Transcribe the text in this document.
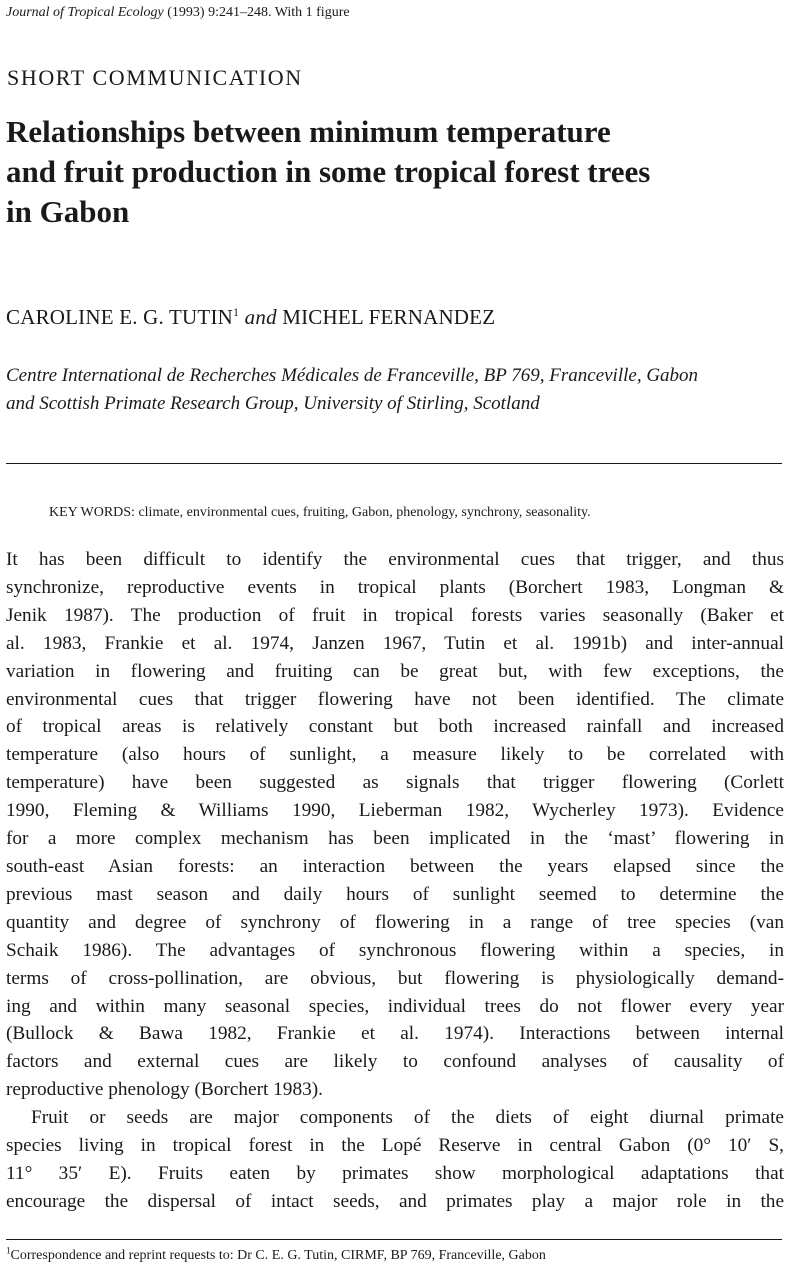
Journal of Tropical Ecology (1993) 9:241–248. With 1 figure
SHORT COMMUNICATION
Relationships between minimum temperature
and fruit production in some tropical forest trees
in Gabon
CAROLINE E. G. TUTIN$^1$ and MICHEL FERNANDEZ
Centre International de Recherches Médicales de Franceville, BP 769, Franceville, Gabon
and Scottish Primate Research Group, University of Stirling, Scotland
KEY WORDS: climate, environmental cues, fruiting, Gabon, phenology, synchrony, seasonality.

It has been difficult to identify the environmental cues that trigger, and thus
synchronize, reproductive events in tropical plants (Borchert 1983, Longman &
Jenik 1987). The production of fruit in tropical forests varies seasonally (Baker et
al. 1983, Frankie et al. 1974, Janzen 1967, Tutin et al. 1991b) and inter-annual
variation in flowering and fruiting can be great but, with few exceptions, the
environmental cues that trigger flowering have not been identified. The climate
of tropical areas is relatively constant but both increased rainfall and increased
temperature (also hours of sunlight, a measure likely to be correlated with
temperature) have been suggested as signals that trigger flowering (Corlett
1990, Fleming & Williams 1990, Lieberman 1982, Wycherley 1973). Evidence
for a more complex mechanism has been implicated in the ‘mast’ flowering in
south-east Asian forests: an interaction between the years elapsed since the
previous mast season and daily hours of sunlight seemed to determine the
quantity and degree of synchrony of flowering in a range of tree species (van
Schaik 1986). The advantages of synchronous flowering within a species, in
terms of cross-pollination, are obvious, but flowering is physiologically demand-
ing and within many seasonal species, individual trees do not flower every year
(Bullock & Bawa 1982, Frankie et al. 1974). Interactions between internal
factors and external cues are likely to confound analyses of causality of
reproductive phenology (Borchert 1983).

Fruit or seeds are major components of the diets of eight diurnal primate
species living in tropical forest in the Lopé Reserve in central Gabon (0° 10′ S,
11° 35′ E). Fruits eaten by primates show morphological adaptations that
encourage the dispersal of intact seeds, and primates play a major role in the

$^1$Correspondence and reprint requests to: Dr C. E. G. Tutin, CIRMF, BP 769, Franceville, Gabon
